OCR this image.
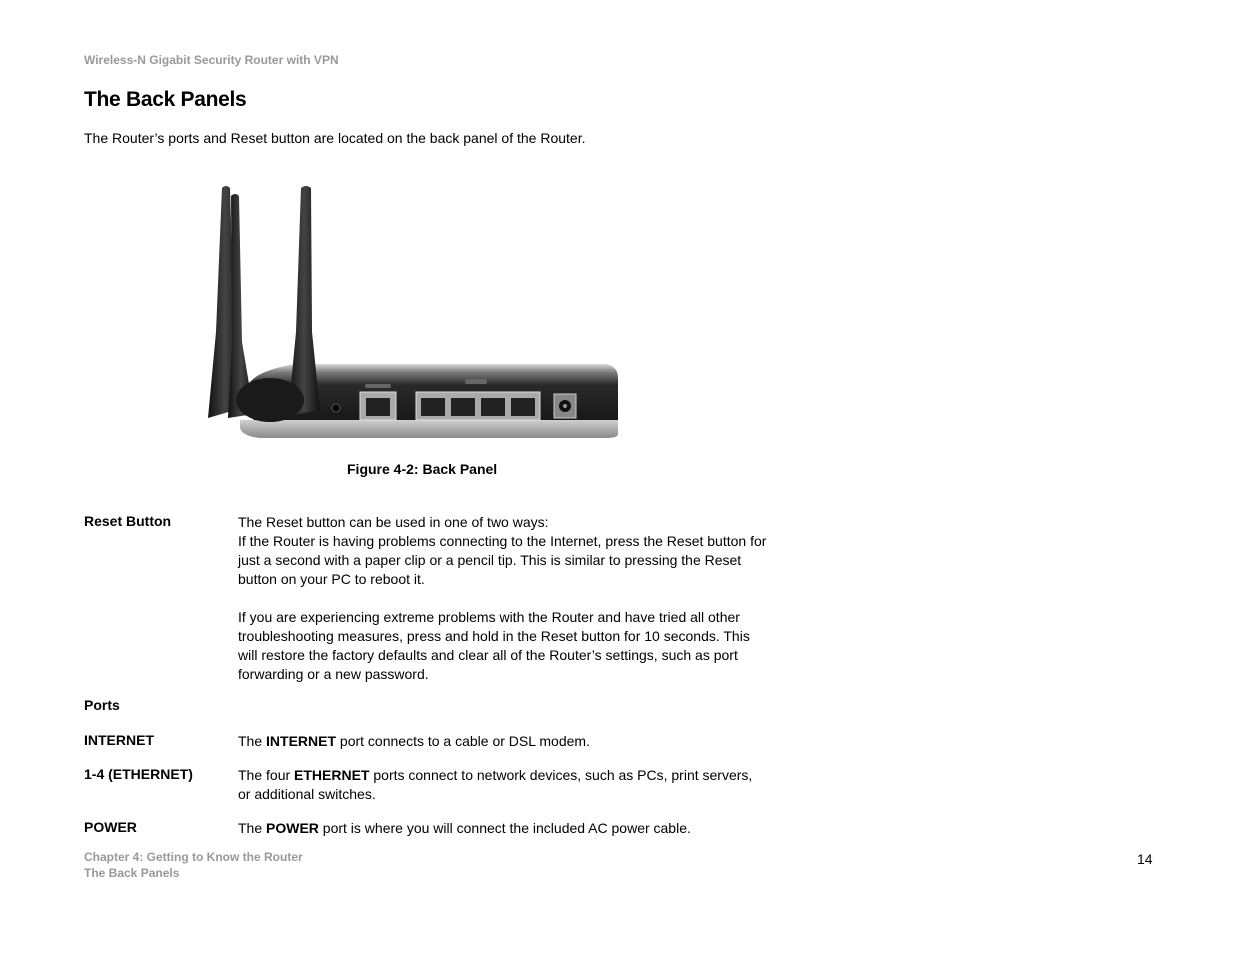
Wireless-N Gigabit Security Router with VPN
The Back Panels
The Router’s ports and Reset button are located on the back panel of the Router.
Figure 4-2: Back Panel
Reset Button	The Reset button can be used in one of two ways:

If the Router is having problems connecting to the Internet, press the Reset button for just a second with a paper clip or a pencil tip. This is similar to pressing the Reset button on your PC to reboot it.

If you are experiencing extreme problems with the Router and have tried all other troubleshooting measures, press and hold in the Reset button for 10 seconds. This will restore the factory defaults and clear all of the Router’s settings, such as port forwarding or a new password.

Ports
INTERNET	The INTERNET port connects to a cable or DSL modem.
1-4 (ETHERNET)	The four ETHERNET ports connect to network devices, such as PCs, print servers, or additional switches.
POWER	The POWER port is where you will connect the included AC power cable.
Chapter 4: Getting to Know the Router
The Back Panels
14
